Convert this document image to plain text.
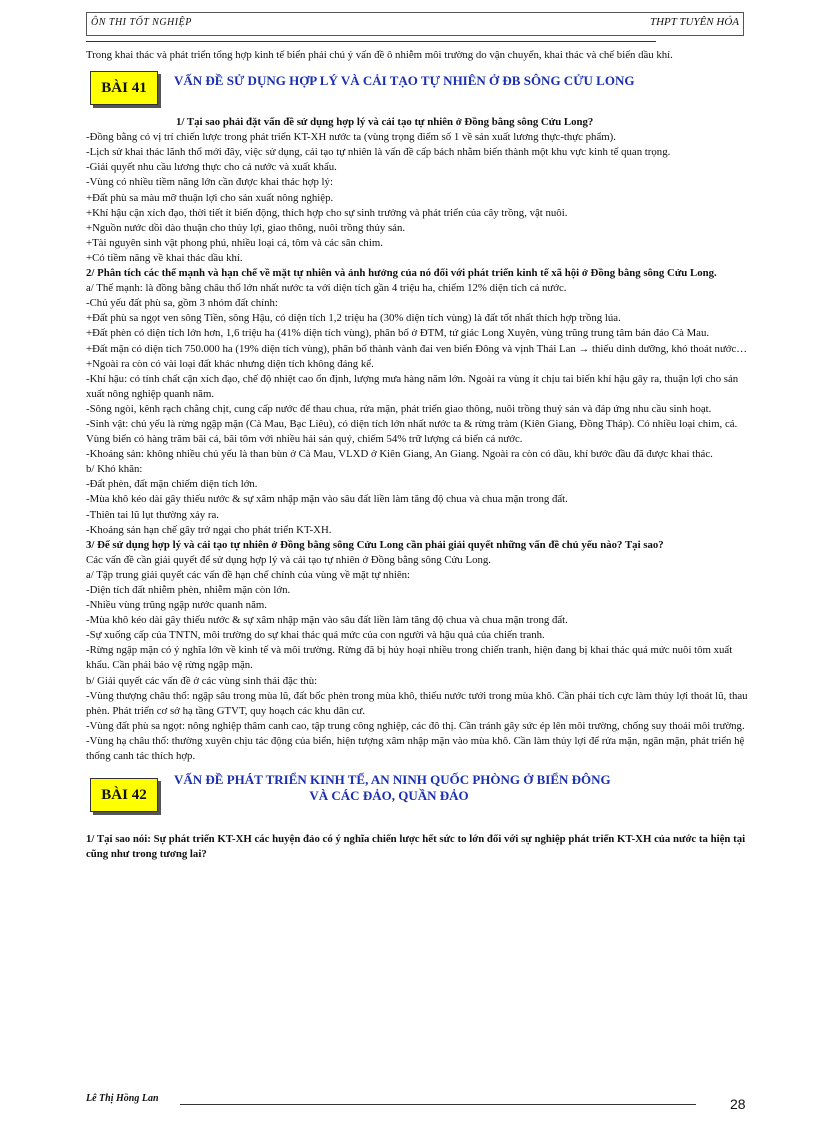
ÔN THI TỐT NGHIỆP	THPT TUYÊN HÓA

Trong khai thác và phát triển tổng hợp kinh tế biển phải chú ý vấn đề ô nhiễm môi trường do vận chuyển, khai thác và chế biến dầu khí.

BÀI 41	VẤN ĐỀ SỬ DỤNG HỢP LÝ VÀ CẢI TẠO TỰ NHIÊN Ở ĐB SÔNG CỬU LONG

1/ Tại sao phải đặt vấn đề sử dụng hợp lý và cải tạo tự nhiên ở Đồng bằng sông Cửu Long?

-Đồng bằng có vị trí chiến lược trong phát triển KT-XH nước ta (vùng trọng điểm số 1 về sản xuất lương thực-thực phẩm).

-Lịch sử khai thác lãnh thổ mới đây, việc sử dụng, cải tạo tự nhiên là vấn đề cấp bách nhằm biến thành một khu vực kinh tế quan trọng.

-Giải quyết nhu cầu lương thực cho cả nước và xuất khẩu.

-Vùng có nhiều tiềm năng lớn cần được khai thác hợp lý:

+Đất phù sa màu mỡ thuận lợi cho sản xuất nông nghiệp.

+Khí hậu cận xích đạo, thời tiết ít biến động, thích hợp cho sự sinh trưởng và phát triển của cây trồng, vật nuôi.

+Nguồn nước dồi dào thuận cho thủy lợi, giao thông, nuôi trồng thủy sản.

+Tài nguyên sinh vật phong phú, nhiều loại cá, tôm và các sân chim.

+Có tiềm năng về khai thác dầu khí.

2/ Phân tích các thế mạnh và hạn chế về mặt tự nhiên và ảnh hưởng của nó đối với phát triển kinh tế xã hội ở Đồng bằng sông Cửu Long.

a/ Thế mạnh: là đồng bằng châu thổ lớn nhất nước ta với diện tích gần 4 triệu ha, chiếm 12% diện tích cả nước.

-Chủ yếu đất phù sa, gồm 3 nhóm đất chính:

+Đất phù sa ngọt ven sông Tiền, sông Hậu, có diện tích 1,2 triệu ha (30% diện tích vùng) là đất tốt nhất thích hợp trồng lúa.

+Đất phèn có diện tích lớn hơn, 1,6 triệu ha (41% diện tích vùng), phân bố ở ĐTM, tứ giác Long Xuyên, vùng trũng trung tâm bán đảo Cà Mau.

+Đất mặn có diện tích 750.000 ha (19% diện tích vùng), phân bố thành vành đai ven biển Đông và vịnh Thái Lan → thiếu dinh dưỡng, khó thoát nước…

+Ngoài ra còn có vài loại đất khác nhưng diện tích không đáng kể.

-Khí hậu: có tính chất cận xích đạo, chế độ nhiệt cao ổn định, lượng mưa hàng năm lớn. Ngoài ra vùng ít chịu tai biến khí hậu gây ra, thuận lợi cho sản xuất nông nghiệp quanh năm.

-Sông ngòi, kênh rạch chằng chịt, cung cấp nước để thau chua, rửa mặn, phát triển giao thông, nuôi trồng thuỷ sản và đáp ứng nhu cầu sinh hoạt.

-Sinh vật: chủ yếu là rừng ngập mặn (Cà Mau, Bạc Liêu), có diện tích lớn nhất nước ta & rừng tràm (Kiên Giang, Đồng Tháp). Có nhiều loại chim, cá. Vùng biển có hàng trăm bãi cá, bãi tôm với nhiều hải sản quý, chiếm 54% trữ lượng cá biển cả nước.

-Khoáng sản: không nhiều chủ yếu là than bùn ở Cà Mau, VLXD ở Kiên Giang, An Giang. Ngoài ra còn có dầu, khí bước đầu đã được khai thác.

b/ Khó khăn:

-Đất phèn, đất mặn chiếm diện tích lớn.

-Mùa khô kéo dài gây thiếu nước & sự xâm nhập mặn vào sâu đất liền làm tăng độ chua và chua mặn trong đất.

-Thiên tai lũ lụt thường xảy ra.

-Khoáng sản hạn chế gây trở ngại cho phát triển KT-XH.

3/ Để sử dụng hợp lý và cải tạo tự nhiên ở Đồng bằng sông Cửu Long cần phải giải quyết những vấn đề chủ yếu nào? Tại sao?

Các vấn đề cần giải quyết để sử dụng hợp lý và cải tạo tự nhiên ở Đồng bằng sông Cửu Long.

a/ Tập trung giải quyết các vấn đề hạn chế chính của vùng về mặt tự nhiên:

-Diện tích đất nhiễm phèn, nhiễm mặn còn lớn.

-Nhiều vùng trũng ngập nước quanh năm.

-Mùa khô kéo dài gây thiếu nước & sự xâm nhập mặn vào sâu đất liền làm tăng độ chua và chua mặn trong đất.

-Sự xuống cấp của TNTN, môi trường do sự khai thác quá mức của con người và hậu quả của chiến tranh.

-Rừng ngập mặn có ý nghĩa lớn về kinh tế và môi trường. Rừng đã bị hủy hoại nhiều trong chiến tranh, hiện đang bị khai thác quá mức nuôi tôm xuất khẩu. Cần phải bảo vệ rừng ngập mặn.

b/ Giải quyết các vấn đề ở các vùng sinh thái đặc thù:

-Vùng thượng châu thổ: ngập sâu trong mùa lũ, đất bốc phèn trong mùa khô, thiếu nước tưới trong mùa khô. Cần phải tích cực làm thủy lợi thoát lũ, thau phèn. Phát triển cơ sở hạ tầng GTVT, quy hoạch các khu dân cư.

-Vùng đất phù sa ngọt: nông nghiệp thâm canh cao, tập trung công nghiệp, các đô thị. Cần tránh gây sức ép lên môi trường, chống suy thoái môi trường.

-Vùng hạ châu thổ: thường xuyên chịu tác động của biển, hiện tượng xâm nhập mặn vào mùa khô. Cần làm thủy lợi để rửa mặn, ngăn mặn, phát triển hệ thống canh tác thích hợp.

BÀI 42
VẤN ĐỀ PHÁT TRIỂN KINH TẾ, AN NINH QUỐC PHÒNG Ở BIỂN ĐÔNG
VÀ CÁC ĐẢO, QUẦN ĐẢO

1/ Tại sao nói: Sự phát triển KT-XH các huyện đảo có ý nghĩa chiến lược hết sức to lớn đối với sự nghiệp phát triển KT-XH của nước ta hiện tại cũng như trong tương lai?

Lê Thị Hồng Lan	28
